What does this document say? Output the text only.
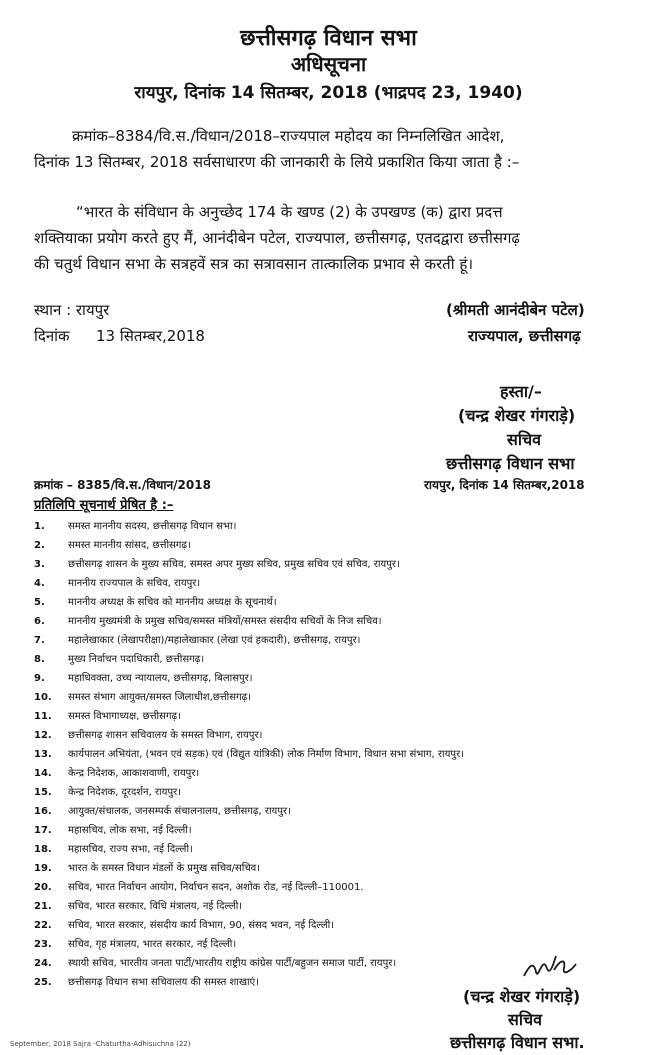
छत्तीसगढ़ विधान सभा
अधिसूचना
रायपुर, दिनांक 14 सितम्बर, 2018 (भाद्रपद 23, 1940)
क्रमांक–8384/वि.स./विधान/2018–राज्यपाल महोदय का निम्नलिखित आदेश,
दिनांक 13 सितम्बर, 2018 सर्वसाधारण की जानकारी के लिये प्रकाशित किया जाता है :–
“भारत के संविधान के अनुच्छेद 174 के खण्ड (2) के उपखण्ड (क) द्वारा प्रदत्त
शक्तियाका प्रयोग करते हुए मैं, आनंदीबेन पटेल, राज्यपाल, छत्तीसगढ़, एतदद्वारा छत्तीसगढ़
की चतुर्थ विधान सभा के सत्रहवें सत्र का सत्रावसान तात्कालिक प्रभाव से करती हूं।
स्थान : रायपुर
दिनांक 13 सितम्बर,2018
(श्रीमती आनंदीबेन पटेल)
राज्यपाल, छत्तीसगढ़
हस्ता/–
(चन्द्र शेखर गंगराड़े)
सचिव
छत्तीसगढ़ विधान सभा
क्रमांक – 8385/वि.स./विधान/2018	रायपुर, दिनांक 14 सितम्बर,2018
प्रतिलिपि सूचनार्थ प्रेषित है :–
1. समस्त माननीय सदस्य, छत्तीसगढ़ विधान सभा।
2. समस्त माननीय सांसद, छत्तीसगढ़।
3. छत्तीसगढ़ शासन के मुख्य सचिव, समस्त अपर मुख्य सचिव, प्रमुख सचिव एवं सचिव, रायपुर।
4. माननीय राज्यपाल के सचिव, रायपुर।
5. माननीय अध्यक्ष के सचिव को माननीय अध्यक्ष के सूचनार्थ।
6. माननीय मुख्यमंत्री के प्रमुख सचिव/समस्त मंत्रियों/समस्त संसदीय सचिवों के निज सचिव।
7. महालेखाकार (लेखापरीक्षा)/महालेखाकार (लेखा एवं हकदारी), छत्तीसगढ़, रायपुर।
8. मुख्य निर्वाचन पदाधिकारी, छत्तीसगढ़।
9. महाधिवक्ता, उच्च न्यायालय, छत्तीसगढ़, बिलासपुर।
10. समस्त संभाग आयुक्त/समस्त जिलाधीश,छत्तीसगढ़।
11. समस्त विभागाध्यक्ष, छत्तीसगढ़।
12. छत्तीसगढ़ शासन सचिवालय के समस्त विभाग, रायपुर।
13. कार्यपालन अभियंता, (भवन एवं सड़क) एवं (विद्युत यांत्रिकी) लोक निर्माण विभाग, विधान सभा संभाग, रायपुर।
14. केन्द्र निदेशक, आकाशवाणी, रायपुर।
15. केन्द्र निदेशक, दूरदर्शन, रायपुर।
16. आयुक्त/संचालक, जनसम्पर्क संचालनालय, छत्तीसगढ़, रायपुर।
17. महासचिव, लोक सभा, नई दिल्ली।
18. महासचिव, राज्य सभा, नई दिल्ली।
19. भारत के समस्त विधान मंडलों के प्रमुख सचिव/सचिव।
20. सचिव, भारत निर्वाचन आयोग, निर्वाचन सदन, अशोक रोड, नई दिल्ली–110001.
21. सचिव, भारत सरकार, विधि मंत्रालय, नई दिल्ली।
22. सचिव, भारत सरकार, संसदीय कार्य विभाग, 90, संसद भवन, नई दिल्ली।
23. सचिव, गृह मंत्रालय, भारत सरकार, नई दिल्ली।
24. स्थायी सचिव, भारतीय जनता पार्टी/भारतीय राष्ट्रीय कांग्रेस पार्टी/बहुजन समाज पार्टी, रायपुर।
25. छत्तीसगढ़ विधान सभा सचिवालय की समस्त शाखाएं।
(चन्द्र शेखर गंगराड़े)
सचिव
छत्तीसगढ़ विधान सभा.
September, 2018 Sajra -Chaturtha-Adhisuchna (22)
